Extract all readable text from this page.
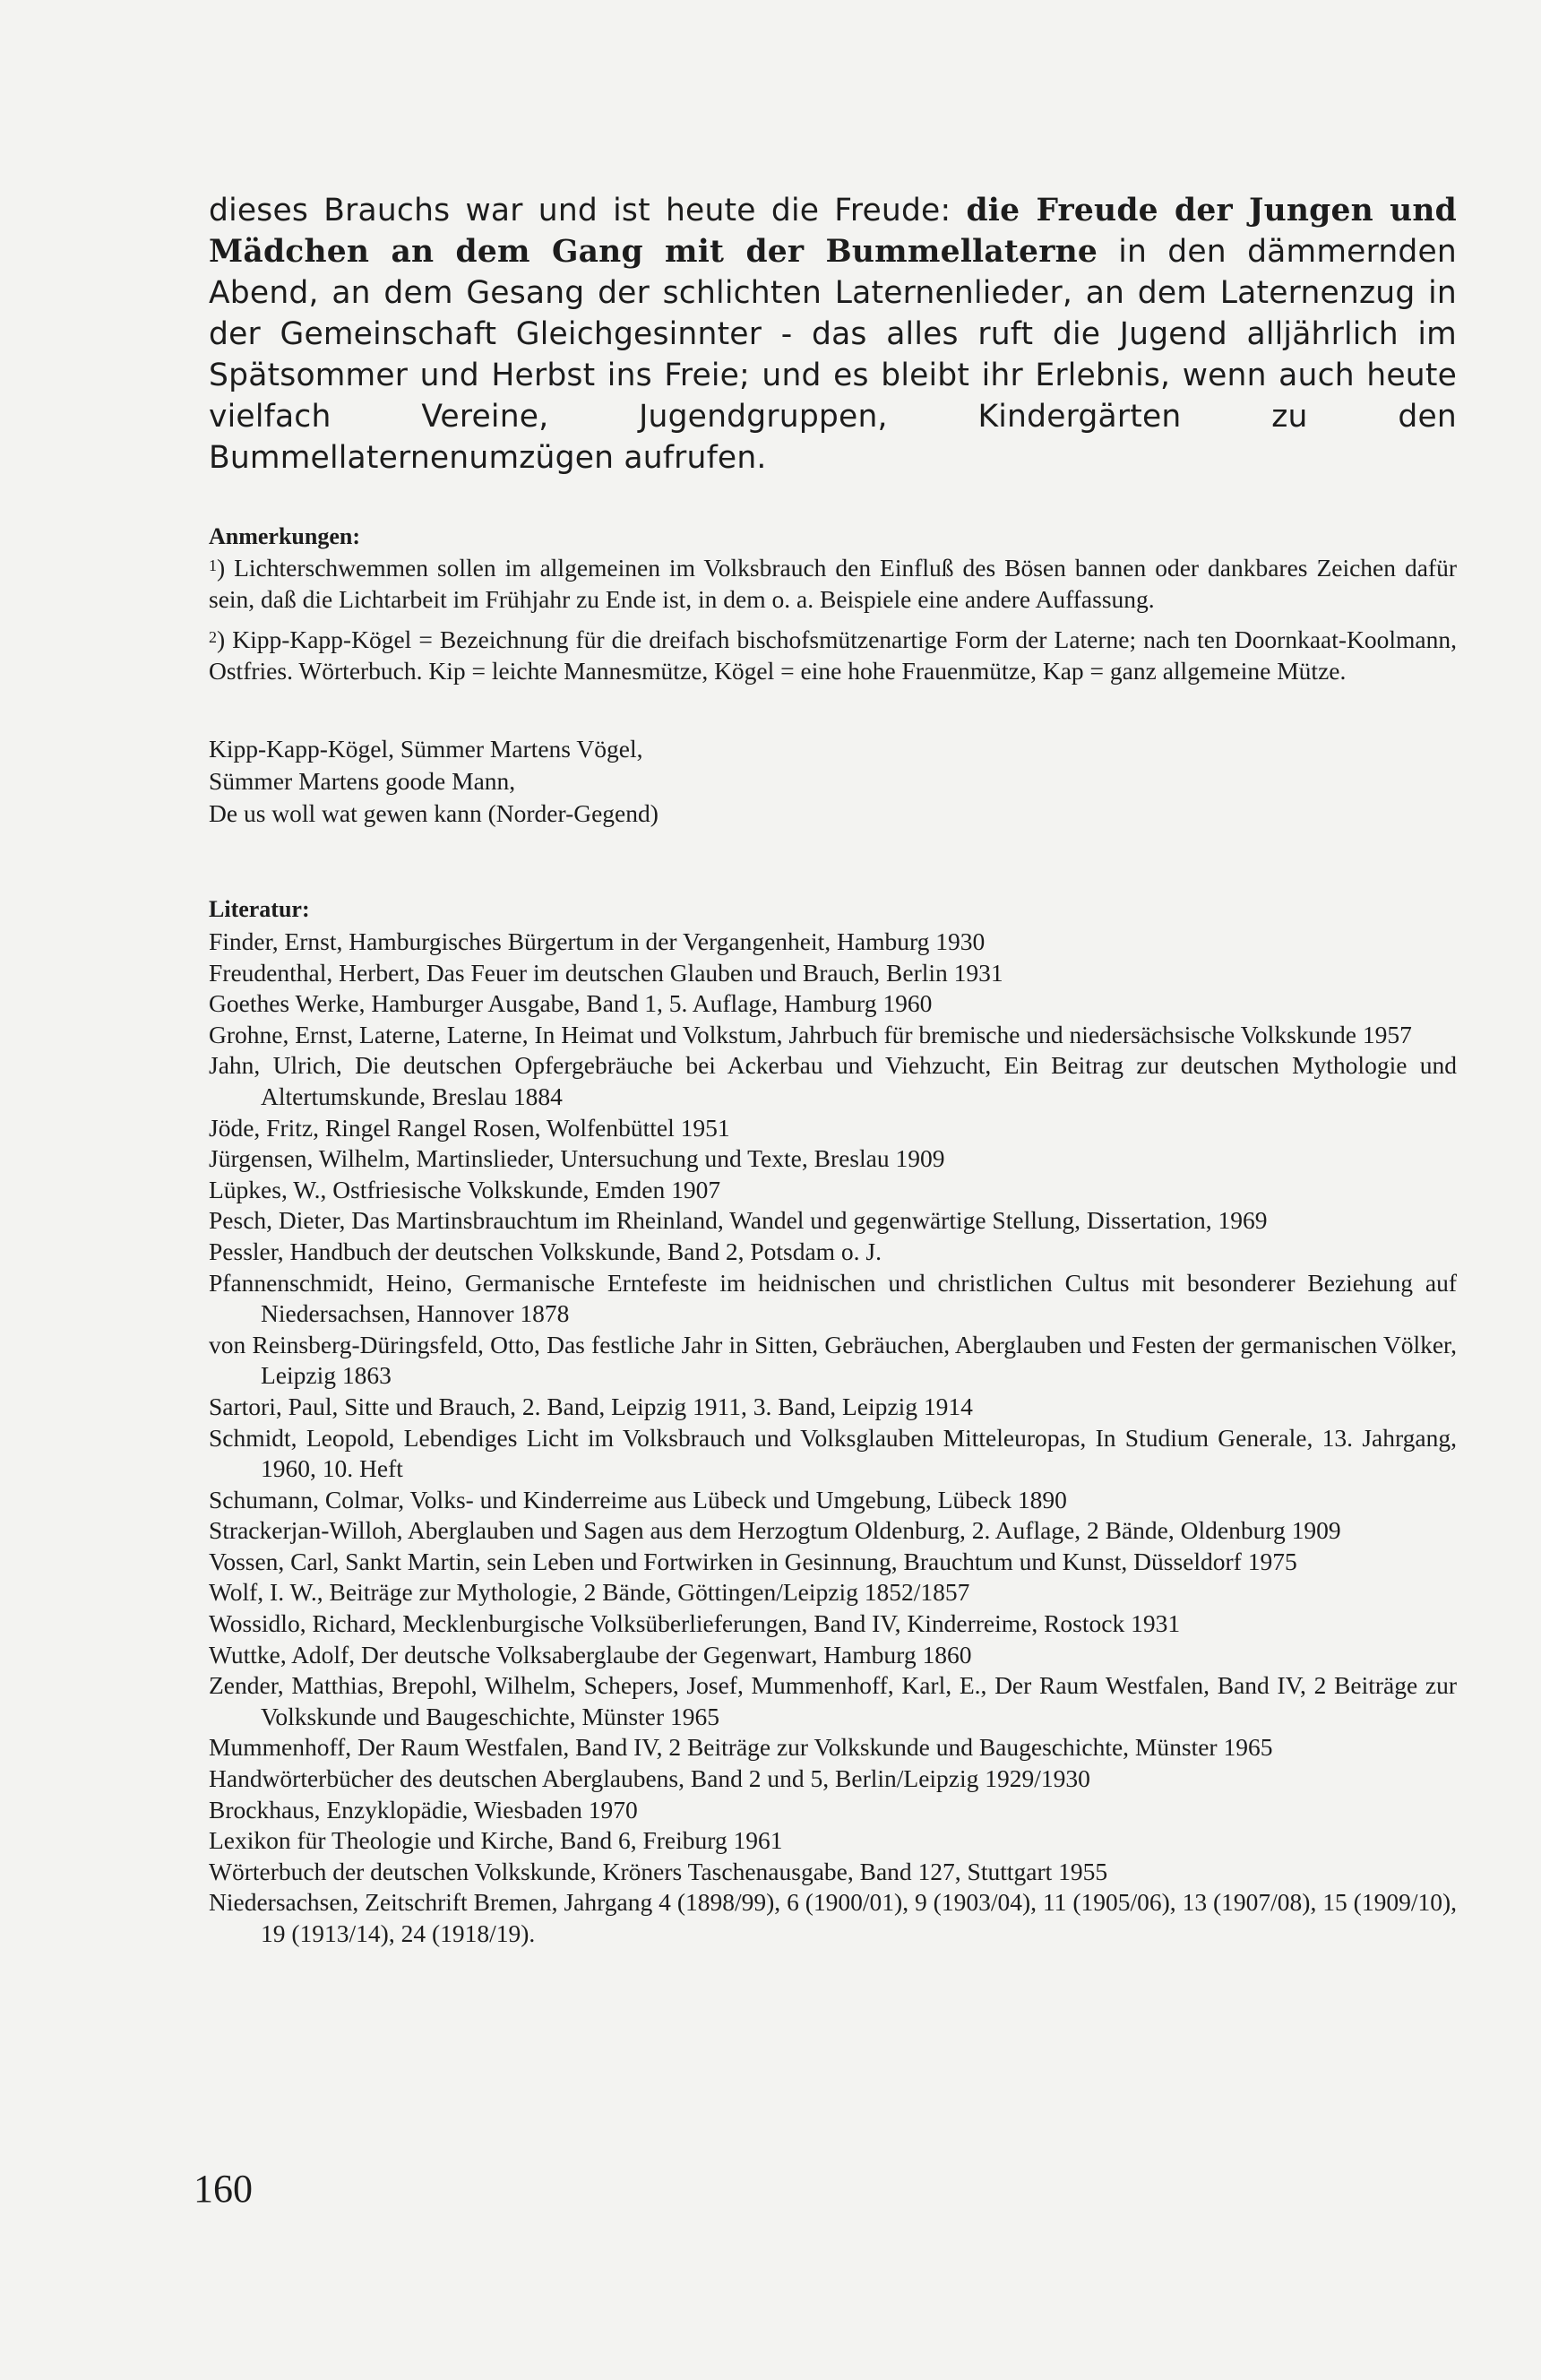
dieses Brauchs war und ist heute die Freude: die Freude der Jungen und Mädchen an dem Gang mit der Bummellaterne in den dämmernden Abend, an dem Gesang der schlichten Laternenlieder, an dem Laternenzug in der Gemeinschaft Gleichgesinnter - das alles ruft die Jugend alljährlich im Spätsommer und Herbst ins Freie; und es bleibt ihr Erlebnis, wenn auch heute vielfach Vereine, Jugendgruppen, Kindergärten zu den Bummellaternenumzügen aufrufen.

Anmerkungen:

$^1$) Lichterschwemmen sollen im allgemeinen im Volksbrauch den Einfluß des Bösen bannen oder dankbares Zeichen dafür sein, daß die Lichtarbeit im Frühjahr zu Ende ist, in dem o. a. Beispiele eine andere Auffassung.

$^2$) Kipp-Kapp-Kögel = Bezeichnung für die dreifach bischofsmützenartige Form der Laterne; nach ten Doornkaat-Koolmann, Ostfries. Wörterbuch. Kip = leichte Mannesmütze, Kögel = eine hohe Frauenmütze, Kap = ganz allgemeine Mütze.

Kipp-Kapp-Kögel, Sümmer Martens Vögel,
Sümmer Martens goode Mann,
De us woll wat gewen kann (Norder-Gegend)

Literatur:

Finder, Ernst, Hamburgisches Bürgertum in der Vergangenheit, Hamburg 1930
Freudenthal, Herbert, Das Feuer im deutschen Glauben und Brauch, Berlin 1931
Goethes Werke, Hamburger Ausgabe, Band 1, 5. Auflage, Hamburg 1960
Grohne, Ernst, Laterne, Laterne, In Heimat und Volkstum, Jahrbuch für bremische und niedersächsische Volkskunde 1957
Jahn, Ulrich, Die deutschen Opfergebräuche bei Ackerbau und Viehzucht, Ein Beitrag zur deutschen Mythologie und Altertumskunde, Breslau 1884
Jöde, Fritz, Ringel Rangel Rosen, Wolfenbüttel 1951
Jürgensen, Wilhelm, Martinslieder, Untersuchung und Texte, Breslau 1909
Lüpkes, W., Ostfriesische Volkskunde, Emden 1907
Pesch, Dieter, Das Martinsbrauchtum im Rheinland, Wandel und gegenwärtige Stellung, Dissertation, 1969
Pessler, Handbuch der deutschen Volkskunde, Band 2, Potsdam o. J.
Pfannenschmidt, Heino, Germanische Erntefeste im heidnischen und christlichen Cultus mit besonderer Beziehung auf Niedersachsen, Hannover 1878
von Reinsberg-Düringsfeld, Otto, Das festliche Jahr in Sitten, Gebräuchen, Aberglauben und Festen der germanischen Völker, Leipzig 1863
Sartori, Paul, Sitte und Brauch, 2. Band, Leipzig 1911, 3. Band, Leipzig 1914
Schmidt, Leopold, Lebendiges Licht im Volksbrauch und Volksglauben Mitteleuropas, In Studium Generale, 13. Jahrgang, 1960, 10. Heft
Schumann, Colmar, Volks- und Kinderreime aus Lübeck und Umgebung, Lübeck 1890
Strackerjan-Willoh, Aberglauben und Sagen aus dem Herzogtum Oldenburg, 2. Auflage, 2 Bände, Oldenburg 1909
Vossen, Carl, Sankt Martin, sein Leben und Fortwirken in Gesinnung, Brauchtum und Kunst, Düsseldorf 1975
Wolf, I. W., Beiträge zur Mythologie, 2 Bände, Göttingen/Leipzig 1852/1857
Wossidlo, Richard, Mecklenburgische Volksüberlieferungen, Band IV, Kinderreime, Rostock 1931
Wuttke, Adolf, Der deutsche Volksaberglaube der Gegenwart, Hamburg 1860
Zender, Matthias, Brepohl, Wilhelm, Schepers, Josef, Mummenhoff, Karl, E., Der Raum Westfalen, Band IV, 2 Beiträge zur Volkskunde und Baugeschichte, Münster 1965
Mummenhoff, Der Raum Westfalen, Band IV, 2 Beiträge zur Volkskunde und Baugeschichte, Münster 1965
Handwörterbücher des deutschen Aberglaubens, Band 2 und 5, Berlin/Leipzig 1929/1930
Brockhaus, Enzyklopädie, Wiesbaden 1970
Lexikon für Theologie und Kirche, Band 6, Freiburg 1961
Wörterbuch der deutschen Volkskunde, Kröners Taschenausgabe, Band 127, Stuttgart 1955
Niedersachsen, Zeitschrift Bremen, Jahrgang 4 (1898/99), 6 (1900/01), 9 (1903/04), 11 (1905/06), 13 (1907/08), 15 (1909/10), 19 (1913/14), 24 (1918/19).
160
